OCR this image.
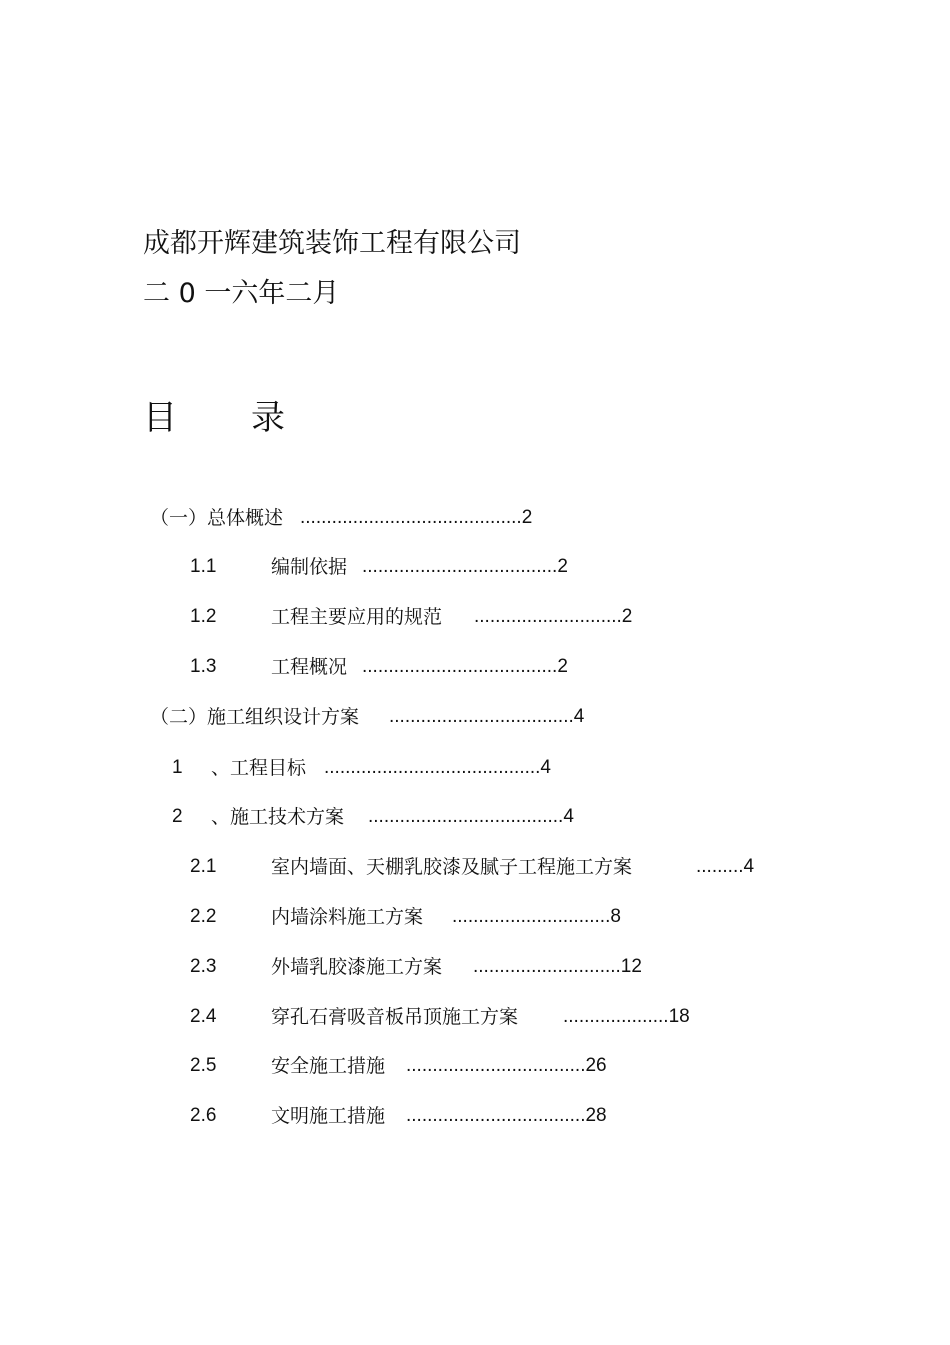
成都开辉建筑装饰工程有限公司
二 0 一六年二月
目 录
（一）总体概述 ..........................................2
1.1	编制依据 .....................................2
1.2	工程主要应用的规范 ............................2
1.3	工程概况 .....................................2
（二）施工组织设计方案 ...................................4
1 、工程目标 .........................................4
2 、施工技术方案 .....................................4
2.1	室内墙面、天棚乳胶漆及腻子工程施工方案	.........4
2.2	内墙涂料施工方案 ..............................8
2.3	外墙乳胶漆施工方案 ............................12
2.4	穿孔石膏吸音板吊顶施工方案 ....................18
2.5	安全施工措施 ..................................26
2.6	文明施工措施 ..................................28
